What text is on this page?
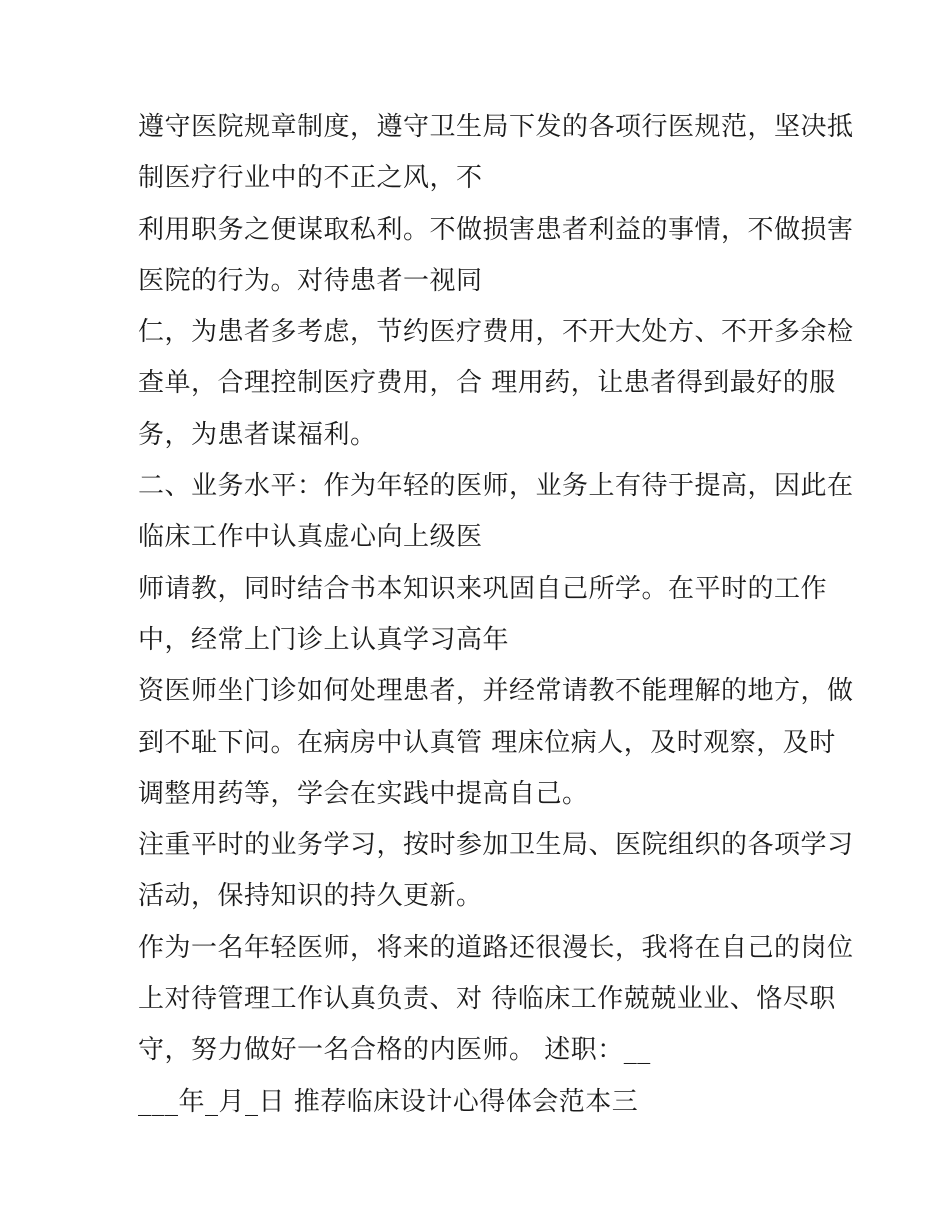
遵守医院规章制度，遵守卫生局下发的各项行医规范，坚决抵
制医疗行业中的不正之风，不
利用职务之便谋取私利。不做损害患者利益的事情，不做损害
医院的行为。对待患者一视同
仁，为患者多考虑，节约医疗费用，不开大处方、不开多余检
查单，合理控制医疗费用，合 理用药，让患者得到最好的服
务，为患者谋福利。
二、业务水平：作为年轻的医师，业务上有待于提高，因此在
临床工作中认真虚心向上级医
师请教，同时结合书本知识来巩固自己所学。在平时的工作
中，经常上门诊上认真学习高年
资医师坐门诊如何处理患者，并经常请教不能理解的地方，做
到不耻下问。在病房中认真管 理床位病人，及时观察，及时
调整用药等，学会在实践中提高自己。
注重平时的业务学习，按时参加卫生局、医院组织的各项学习
活动，保持知识的持久更新。
作为一名年轻医师，将来的道路还很漫长，我将在自己的岗位
上对待管理工作认真负责、对 待临床工作兢兢业业、恪尽职
守，努力做好一名合格的内医师。 述职：__
___年_月_日 推荐临床设计心得体会范本三
